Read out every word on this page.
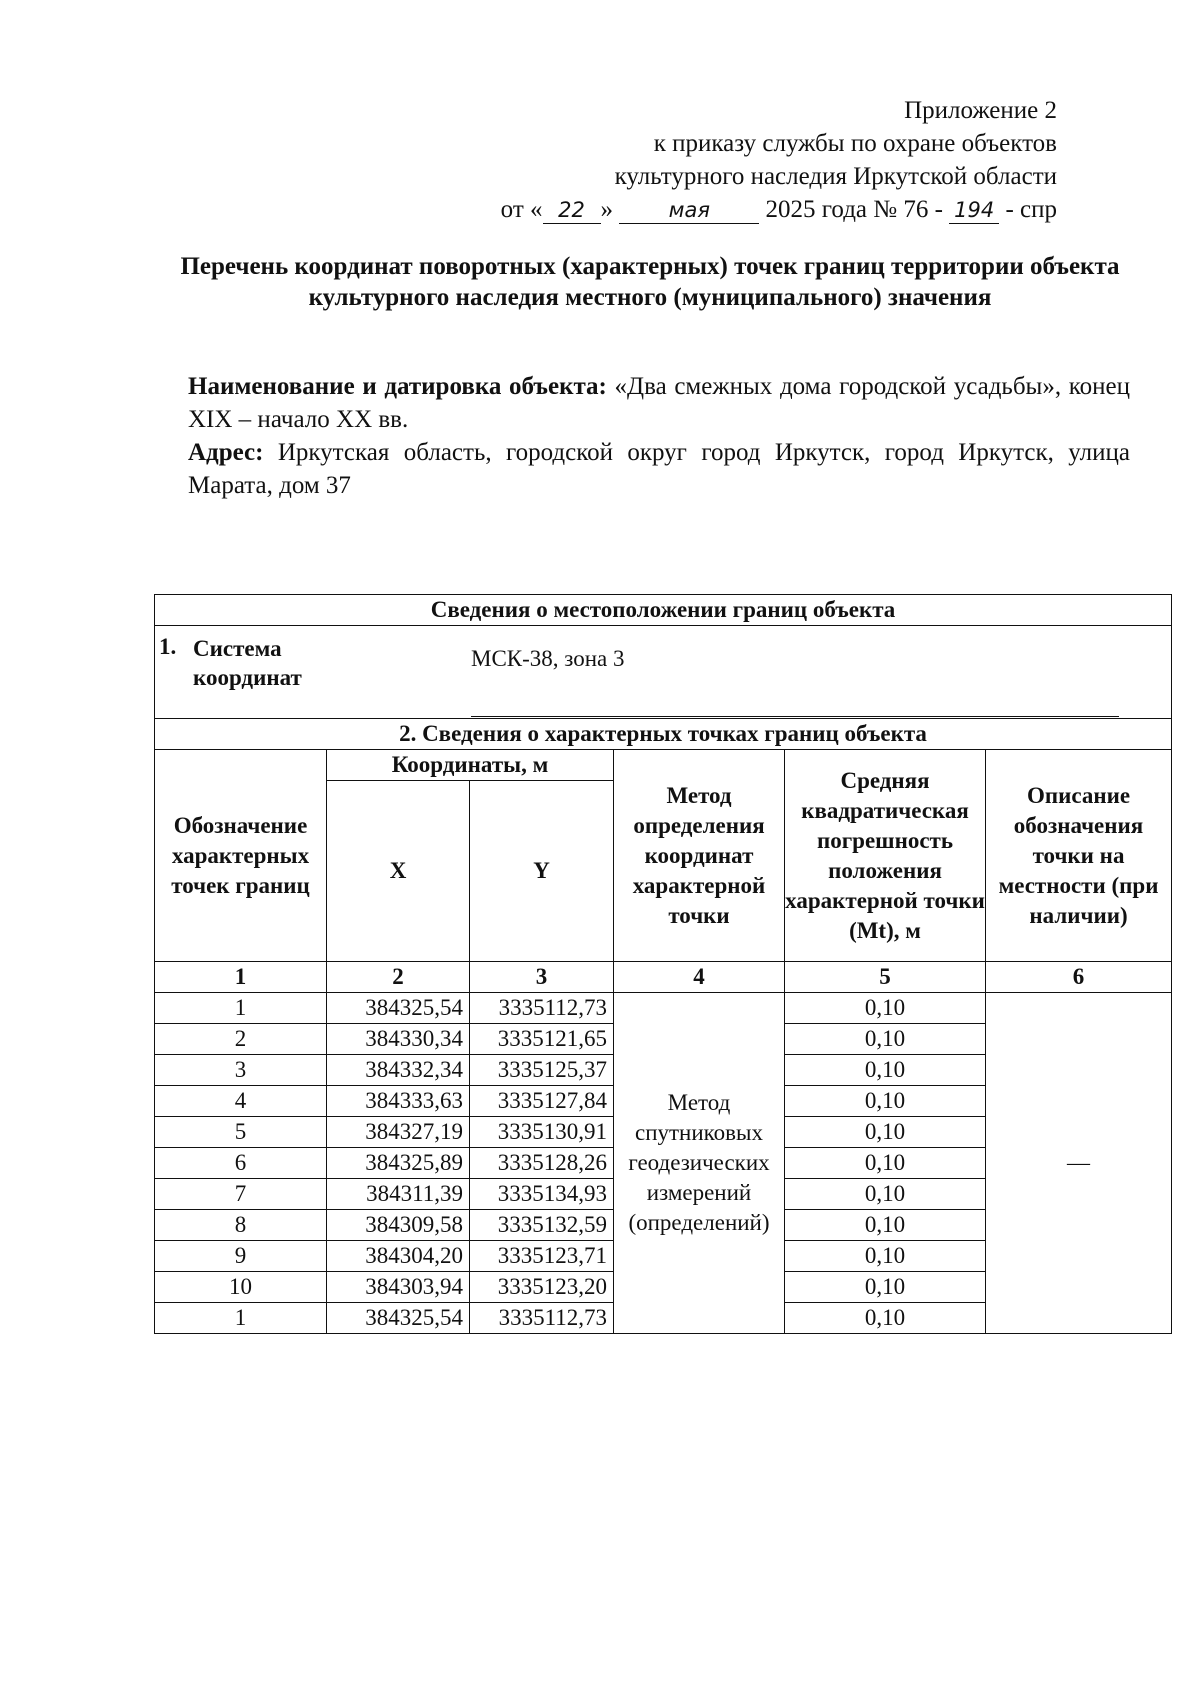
Приложение 2
к приказу службы по охране объектов
культурного наследия Иркутской области
от « 22 »	мая 2025 года № 76 - 194 - спр
Перечень координат поворотных (характерных) точек границ территории объекта культурного наследия местного (муниципального) значения

Наименование и датировка объекта: «Два смежных дома городской усадьбы», конец XIX – начало XX вв.

Адрес: Иркутская область, городской округ город Иркутск, город Иркутск, улица Марата, дом 37

Сведения о местоположении границ объекта					

1. Система координат
МСК-38, зона 3					

2. Сведения о характерных точках границ объекта					
Обозначение характерных точек границ	Координаты, м		Метод определения координат характерной точки	Средняя квадратическая погрешность положения характерной точки (Mt), м	Описание обозначения точки на местности (при наличии)
	X	Y			
1	2	3	4	5	6
1	384325,54	3335112,73	Метод спутниковых геодезических измерений (определений)	0,10	—
2	384330,34	3335121,65		0,10	
3	384332,34	3335125,37		0,10	
4	384333,63	3335127,84		0,10	
5	384327,19	3335130,91		0,10	
6	384325,89	3335128,26		0,10	
7	384311,39	3335134,93		0,10	
8	384309,58	3335132,59		0,10	
9	384304,20	3335123,71		0,10	
10	384303,94	3335123,20		0,10	
1	384325,54	3335112,73		0,10	
